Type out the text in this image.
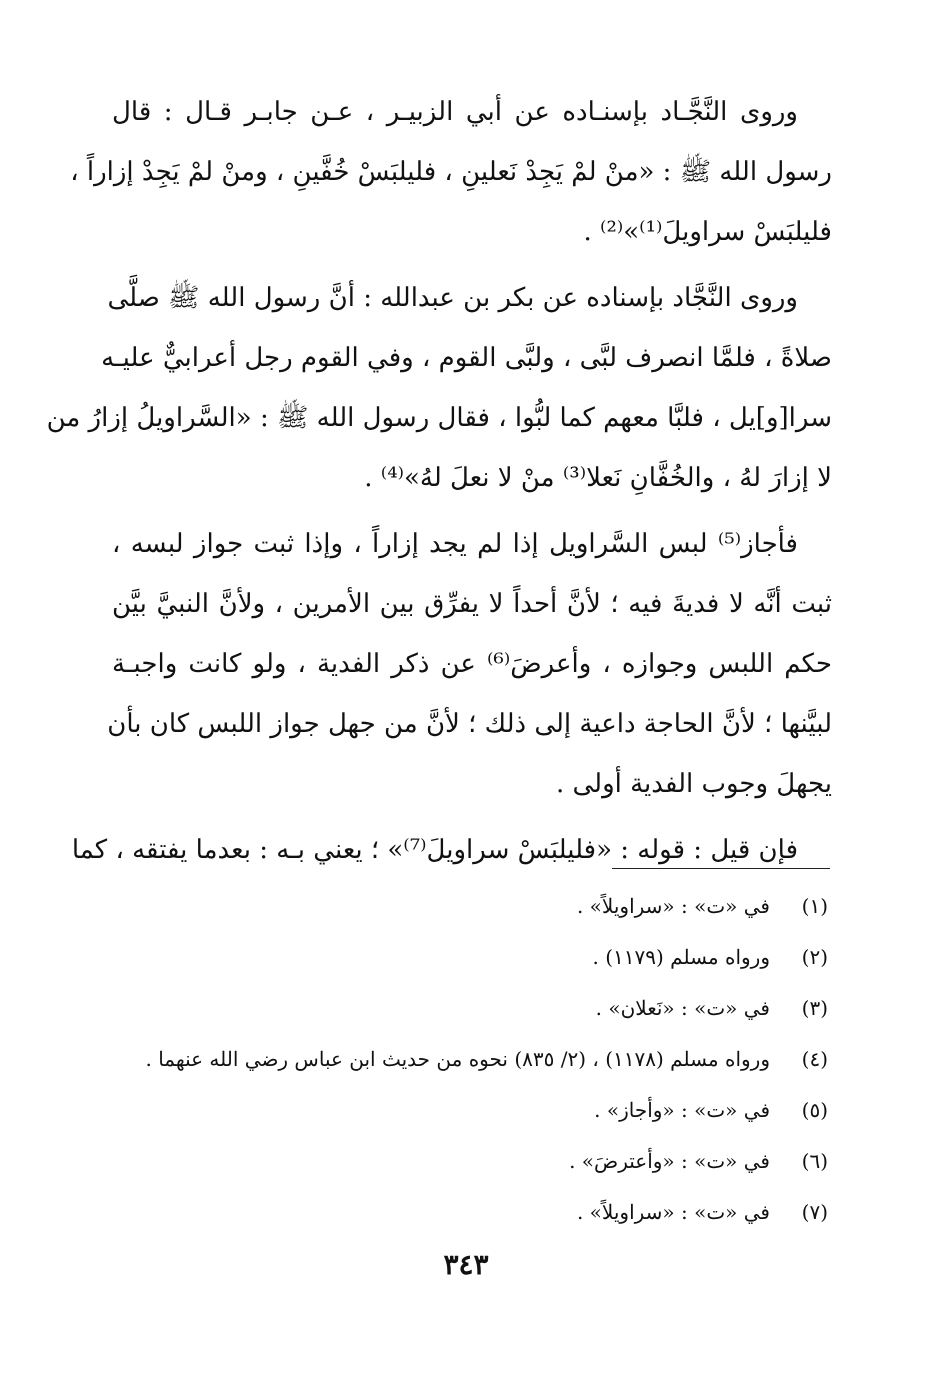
وروى النَّجَّـاد بإسنـاده عن أبي الزبيـر ، عـن جابـر قـال : قال
رسول الله ﷺ : «منْ لمْ يَجِدْ نَعلينِ ، فليلبَسْ خُفَّينِ ، ومنْ لمْ يَجِدْ إزاراً ،
فليلبَسْ سراويلَ⁽¹⁾»⁽²⁾ .
وروى النَّجَّاد بإسناده عن بكر بن عبدالله : أنَّ رسول الله ﷺ صلَّى
صلاةً ، فلمَّا انصرف لبَّى ، ولبَّى القوم ، وفي القوم رجل أعرابيٌّ عليـه
سرا[و]يل ، فلبَّا معهم كما لبُّوا ، فقال رسول الله ﷺ : «السَّراويلُ إزارُ من
لا إزارَ لهُ ، والخُفَّانِ نَعلا⁽³⁾ منْ لا نعلَ لهُ»⁽⁴⁾ .
فأجاز⁽⁵⁾ لبس السَّراويل إذا لم يجد إزاراً ، وإذا ثبت جواز لبسه ،
ثبت أنَّه لا فديةَ فيه ؛ لأنَّ أحداً لا يفرِّق بين الأمرين ، ولأنَّ النبيَّ بيَّن
حكم اللبس وجوازه ، وأعرضَ⁽⁶⁾ عن ذكر الفدية ، ولو كانت واجبـة
لبيَّنها ؛ لأنَّ الحاجة داعية إلى ذلك ؛ لأنَّ من جهل جواز اللبس كان بأن
يجهلَ وجوب الفدية أولى .
فإن قيل : قوله : «فليلبَسْ سراويلَ⁽⁷⁾» ؛ يعني بـه : بعدما يفتقه ، كما
(١)
في «ت» : «سراويلاً» .
(٢)
ورواه مسلم (١١٧٩) .
(٣)
في «ت» : «نَعلان» .
(٤)
ورواه مسلم (١١٧٨) ، (٢/ ٨٣٥) نحوه من حديث ابن عباس رضي الله عنهما .
(٥)
في «ت» : «وأجاز» .
(٦)
في «ت» : «وأعترضَ» .
(٧)
في «ت» : «سراويلاً» .
٣٤٣
